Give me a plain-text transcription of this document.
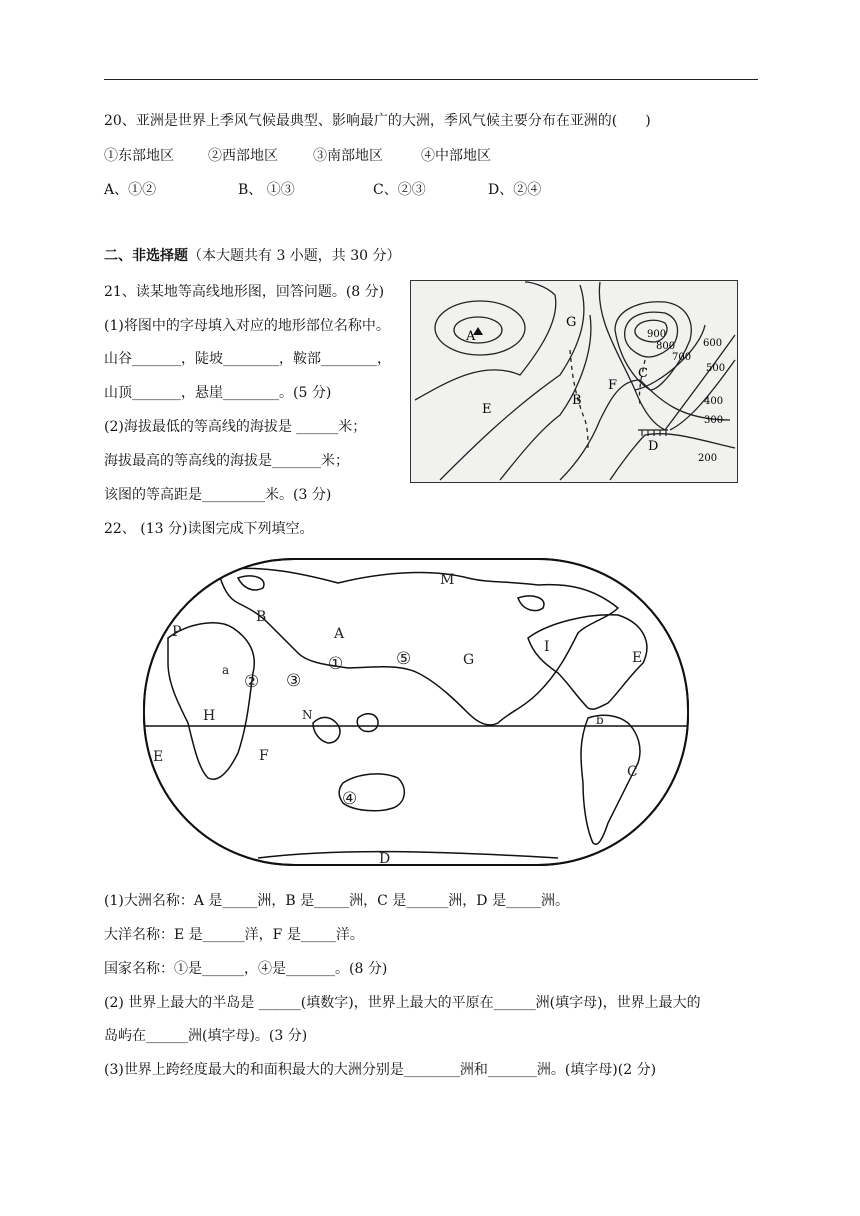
20、亚洲是世界上季风气候最典型、影响最广的大洲，季风气候主要分布在亚洲的(　　)
①东部地区 ②西部地区	③南部地区	④中部地区
A、①②	B、 ①③	C、②③	D、②④
二、非选择题（本大题共有 3 小题，共 30 分）
21、读某地等高线地形图，回答问题。(8 分)
(1)将图中的字母填入对应的地形部位名称中。
山谷_______，陡坡________，鞍部________，
山顶_______，悬崖________。(5 分)
(2)海拔最低的等高线的海拔是 ______米；
海拔最高的等高线的海拔是_______米；
该图的等高距是_________米。(3 分)
A
G
B
C
D
E
F
900
800
700
600
500
400
300
200
22、 (13 分)读图完成下列填空。
M
B
P	A
①	⑤	G
I
E
a
② ③
H	N	b
E	F
④
C
D
(1)大洲名称：A 是_____洲，B 是_____洲，C 是______洲，D 是_____洲。
大洋名称：E 是______洋，F 是_____洋。
国家名称：①是______，④是_______。(8 分)
(2) 世界上最大的半岛是 ______(填数字)，世界上最大的平原在______洲(填字母)，世界上最大的
岛屿在______洲(填字母)。(3 分)
(3)世界上跨经度最大的和面积最大的大洲分别是________洲和_______洲。(填字母)(2 分)
